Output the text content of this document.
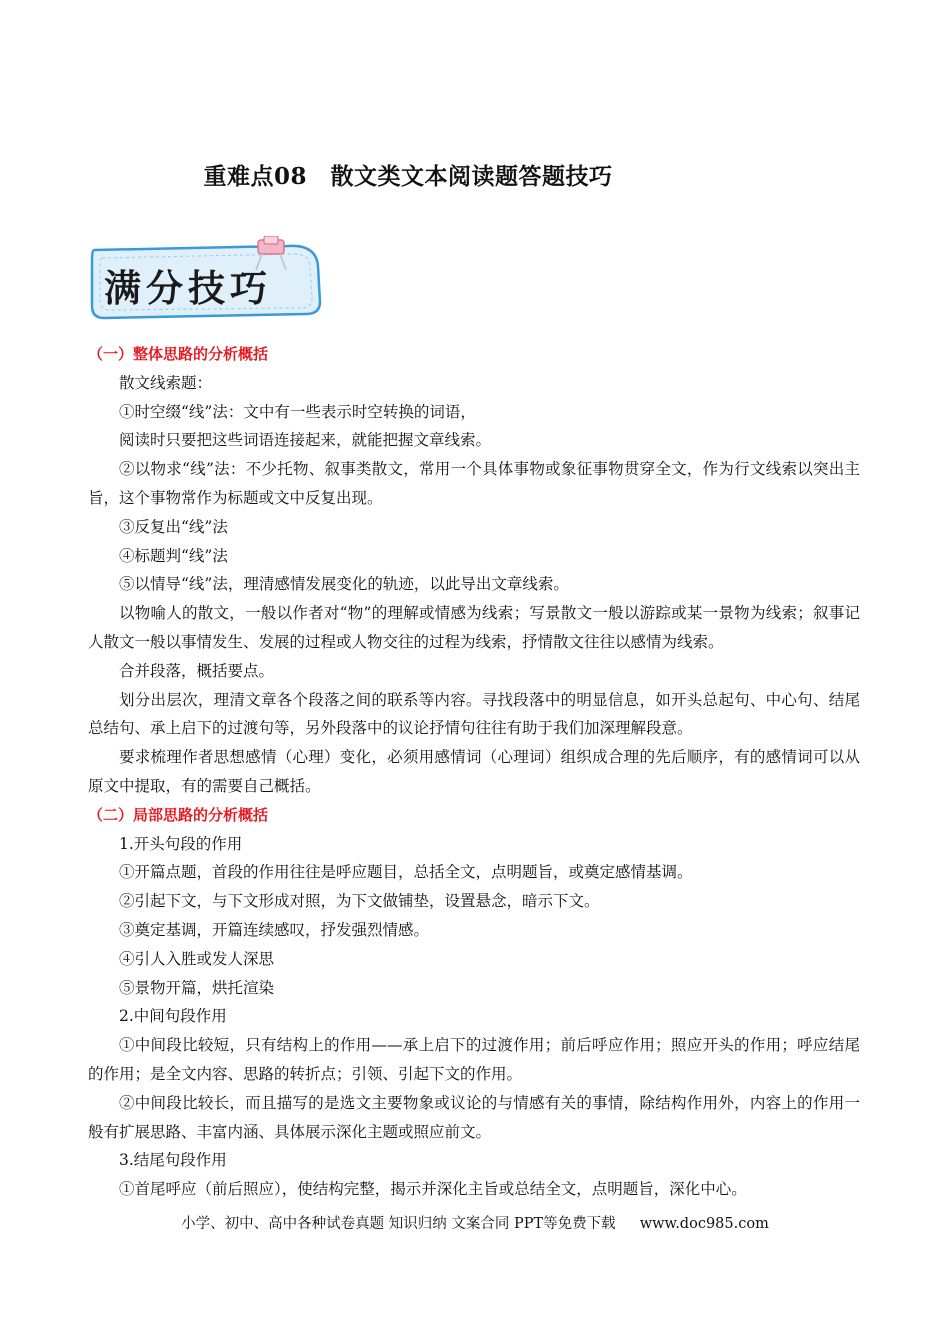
重难点08　散文类文本阅读题答题技巧
满分技巧

（一）整体思路的分析概括

散文线索题：

①时空缀“线”法：文中有一些表示时空转换的词语，

阅读时只要把这些词语连接起来，就能把握文章线索。

②以物求“线”法：不少托物、叙事类散文，常用一个具体事物或象征事物贯穿全文，作为行文线索以突出主旨，这个事物常作为标题或文中反复出现。

③反复出“线”法

④标题判“线”法

⑤以情导“线”法，理清感情发展变化的轨迹，以此导出文章线索。

以物喻人的散文，一般以作者对“物”的理解或情感为线索；写景散文一般以游踪或某一景物为线索；叙事记人散文一般以事情发生、发展的过程或人物交往的过程为线索，抒情散文往往以感情为线索。

合并段落，概括要点。

划分出层次，理清文章各个段落之间的联系等内容。寻找段落中的明显信息，如开头总起句、中心句、结尾总结句、承上启下的过渡句等，另外段落中的议论抒情句往往有助于我们加深理解段意。

要求梳理作者思想感情（心理）变化，必须用感情词（心理词）组织成合理的先后顺序，有的感情词可以从原文中提取，有的需要自己概括。

（二）局部思路的分析概括

1.开头句段的作用

①开篇点题，首段的作用往往是呼应题目，总括全文，点明题旨，或奠定感情基调。

②引起下文，与下文形成对照，为下文做铺垫，设置悬念，暗示下文。

③奠定基调，开篇连续感叹，抒发强烈情感。

④引人入胜或发人深思

⑤景物开篇，烘托渲染

2.中间句段作用

①中间段比较短，只有结构上的作用——承上启下的过渡作用；前后呼应作用；照应开头的作用；呼应结尾的作用；是全文内容、思路的转折点；引领、引起下文的作用。

②中间段比较长，而且描写的是选文主要物象或议论的与情感有关的事情，除结构作用外，内容上的作用一般有扩展思路、丰富内涵、具体展示深化主题或照应前文。

3.结尾句段作用

①首尾呼应（前后照应），使结构完整，揭示并深化主旨或总结全文，点明题旨，深化中心。

小学、初中、高中各种试卷真题 知识归纳 文案合同 PPT等免费下载 www.doc985.com
